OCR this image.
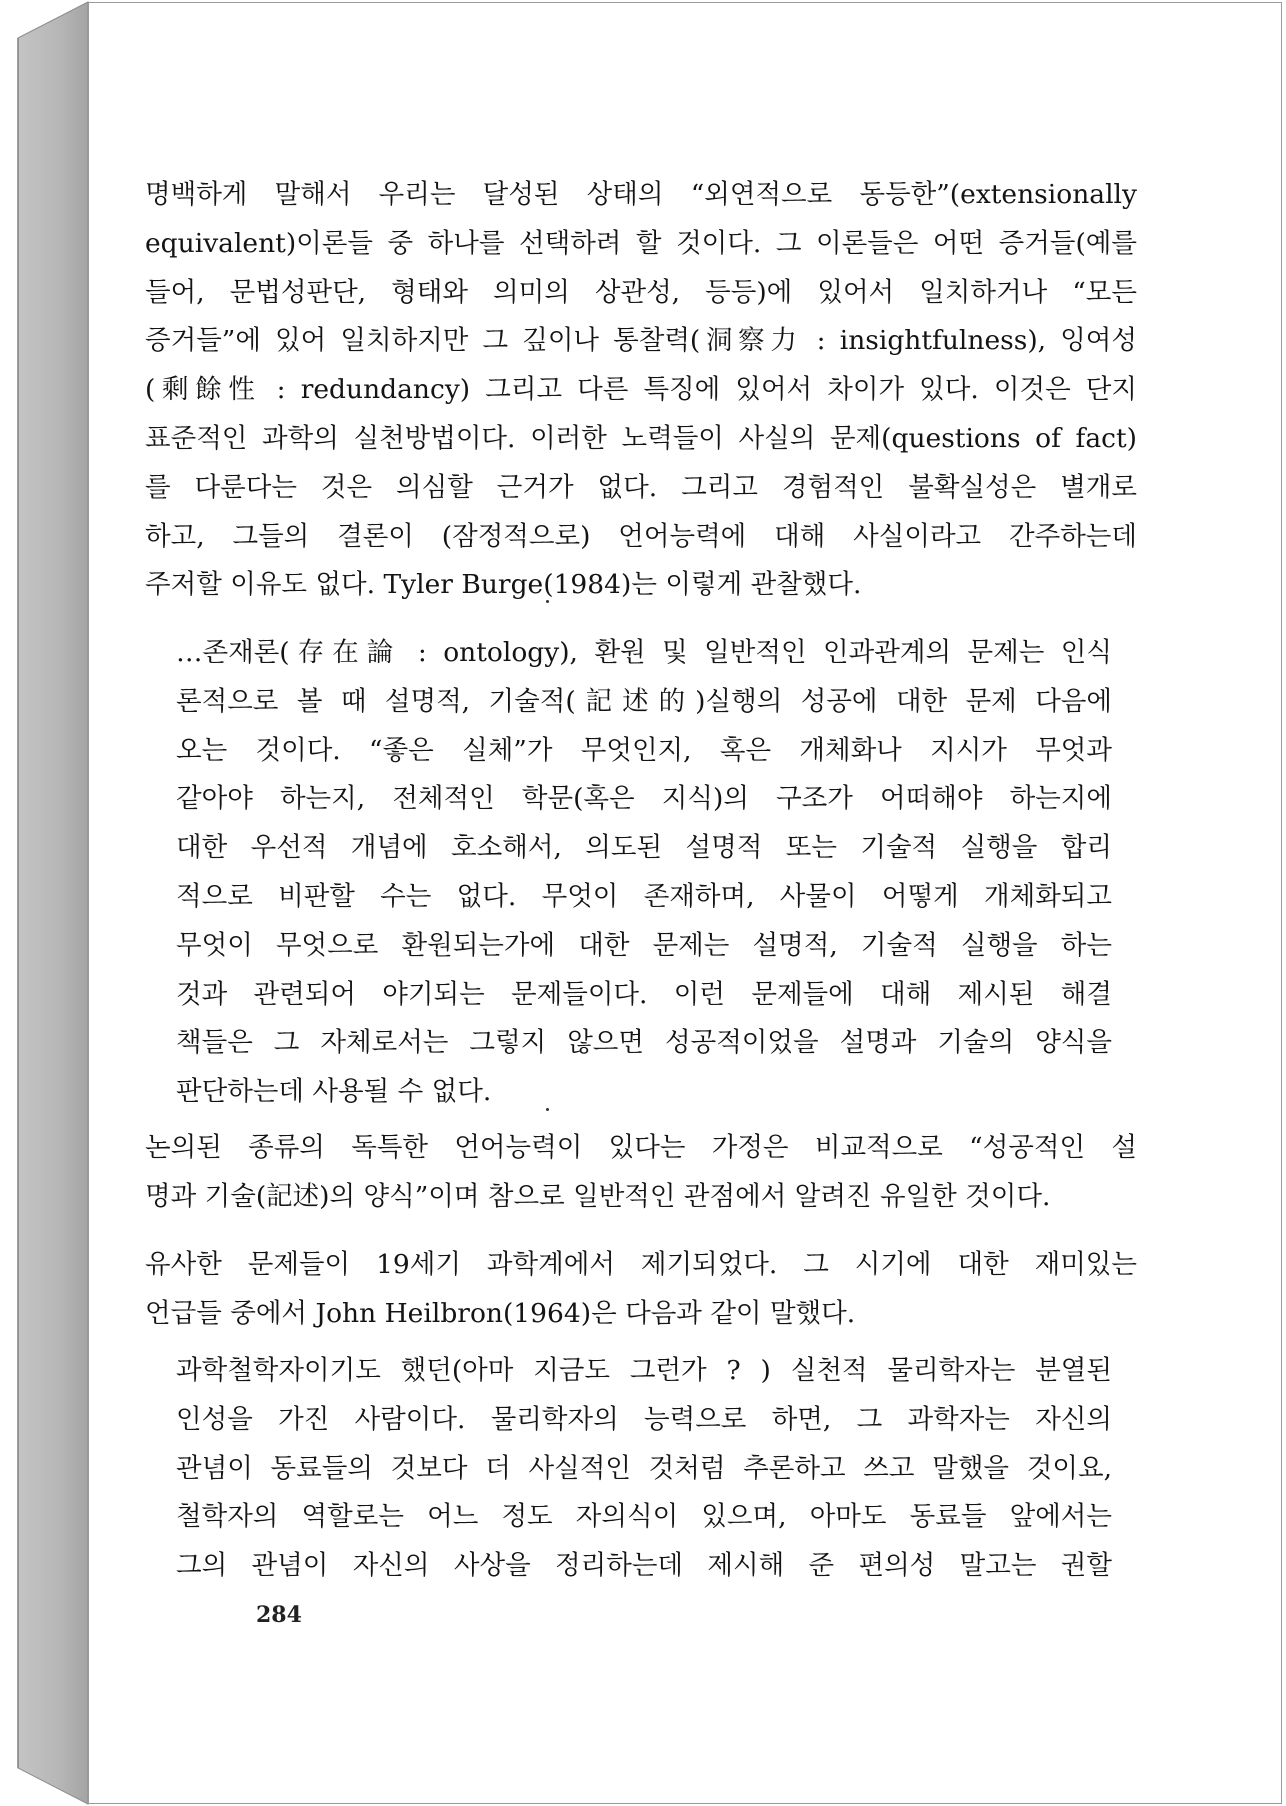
명백하게 말해서 우리는 달성된 상태의 “외연적으로 동등한”(extensionally
equivalent)이론들 중 하나를 선택하려 할 것이다. 그 이론들은 어떤 증거들(예를
들어, 문법성판단, 형태와 의미의 상관성, 등등)에 있어서 일치하거나 “모든
증거들”에 있어 일치하지만 그 깊이나 통찰력(洞察力 : insightfulness), 잉여성
(剩餘性 : redundancy) 그리고 다른 특징에 있어서 차이가 있다. 이것은 단지
표준적인 과학의 실천방법이다. 이러한 노력들이 사실의 문제(questions of fact)
를 다룬다는 것은 의심할 근거가 없다. 그리고 경험적인 불확실성은 별개로
하고, 그들의 결론이 (잠정적으로) 언어능력에 대해 사실이라고 간주하는데
주저할 이유도 없다. Tyler Burge(1984)는 이렇게 관찰했다.
…존재론(存在論 : ontology), 환원 및 일반적인 인과관계의 문제는 인식
론적으로 볼 때 설명적, 기술적(記述的)실행의 성공에 대한 문제 다음에
오는 것이다. “좋은 실체”가 무엇인지, 혹은 개체화나 지시가 무엇과
같아야 하는지, 전체적인 학문(혹은 지식)의 구조가 어떠해야 하는지에
대한 우선적 개념에 호소해서, 의도된 설명적 또는 기술적 실행을 합리
적으로 비판할 수는 없다. 무엇이 존재하며, 사물이 어떻게 개체화되고
무엇이 무엇으로 환원되는가에 대한 문제는 설명적, 기술적 실행을 하는
것과 관련되어 야기되는 문제들이다. 이런 문제들에 대해 제시된 해결
책들은 그 자체로서는 그렇지 않으면 성공적이었을 설명과 기술의 양식을
판단하는데 사용될 수 없다.
논의된 종류의 독특한 언어능력이 있다는 가정은 비교적으로 “성공적인 설
명과 기술(記述)의 양식”이며 참으로 일반적인 관점에서 알려진 유일한 것이다.
유사한 문제들이 19세기 과학계에서 제기되었다. 그 시기에 대한 재미있는
언급들 중에서 John Heilbron(1964)은 다음과 같이 말했다.
과학철학자이기도 했던(아마 지금도 그런가 ? ) 실천적 물리학자는 분열된
인성을 가진 사람이다. 물리학자의 능력으로 하면, 그 과학자는 자신의
관념이 동료들의 것보다 더 사실적인 것처럼 추론하고 쓰고 말했을 것이요,
철학자의 역할로는 어느 정도 자의식이 있으며, 아마도 동료들 앞에서는
그의 관념이 자신의 사상을 정리하는데 제시해 준 편의성 말고는 권할
284
